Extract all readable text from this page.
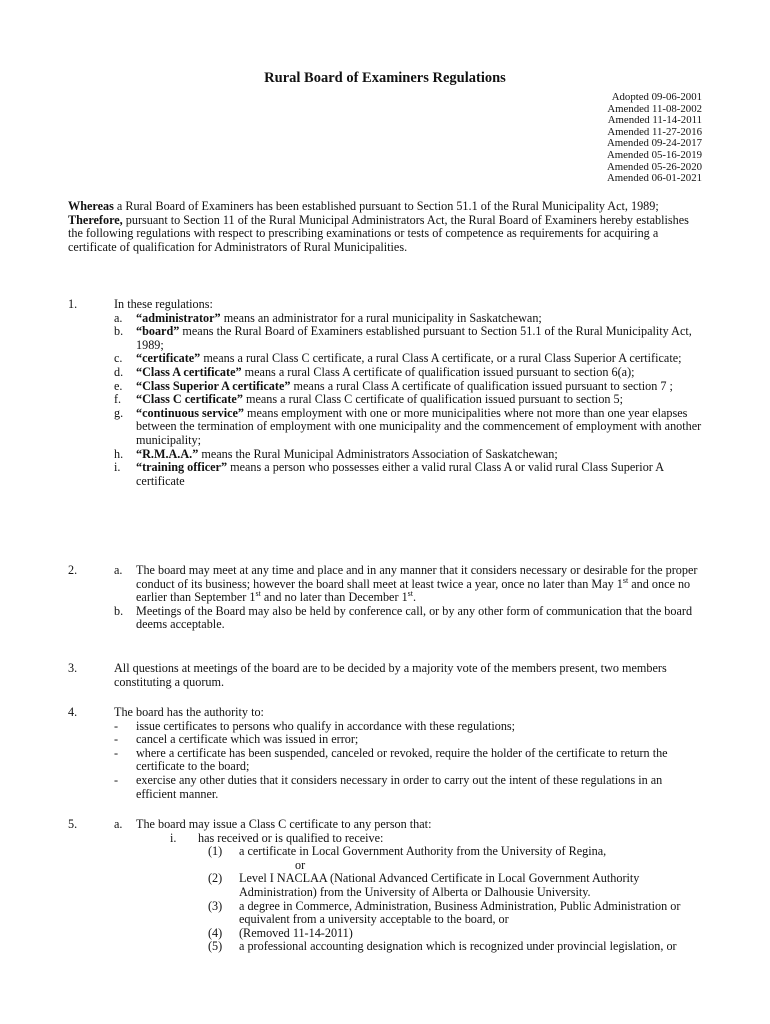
Rural Board of Examiners Regulations
Adopted 09-06-2001
Amended 11-08-2002
Amended 11-14-2011
Amended 11-27-2016
Amended 09-24-2017
Amended 05-16-2019
Amended 05-26-2020
Amended 06-01-2021

Whereas a Rural Board of Examiners has been established pursuant to Section 51.1 of the Rural Municipality Act, 1989;

Therefore, pursuant to Section 11 of the Rural Municipal Administrators Act, the Rural Board of Examiners hereby establishes the following regulations with respect to prescribing examinations or tests of competence as requirements for acquiring a certificate of qualification for Administrators of Rural Municipalities.

1.	In these regulations:

a. “administrator” means an administrator for a rural municipality in Saskatchewan;
b. “board” means the Rural Board of Examiners established pursuant to Section 51.1 of the Rural Municipality Act, 1989;
c. “certificate” means a rural Class C certificate, a rural Class A certificate, or a rural Class Superior A certificate;
d. “Class A certificate” means a rural Class A certificate of qualification issued pursuant to section 6(a);
e. “Class Superior A certificate” means a rural Class A certificate of qualification issued pursuant to section 7 ;
f. “Class C certificate” means a rural Class C certificate of qualification issued pursuant to section 5;
g. “continuous service” means employment with one or more municipalities where not more than one year elapses between the termination of employment with one municipality and the commencement of employment with another municipality;
h. “R.M.A.A.” means the Rural Municipal Administrators Association of Saskatchewan;
i. “training officer” means a person who possesses either a valid rural Class A or valid rural Class Superior A certificate
2.	a. The board may meet at any time and place and in any manner that it considers necessary or desirable for the proper conduct of its business; however the board shall meet at least twice a year, once no later than May 1st and once no earlier than September 1st and no later than December 1st.
b. Meetings of the Board may also be held by conference call, or by any other form of communication that the board deems acceptable.
3.	All questions at meetings of the board are to be decided by a majority vote of the members present, two members constituting a quorum.

4.	The board has the authority to:

- issue certificates to persons who qualify in accordance with these regulations;
- cancel a certificate which was issued in error;
- where a certificate has been suspended, canceled or revoked, require the holder of the certificate to return the certificate to the board;
- exercise any other duties that it considers necessary in order to carry out the intent of these regulations in an efficient manner.
5.	a. The board may issue a Class C certificate to any person that:
i. has received or is qualified to receive:
(1) a certificate in Local Government Authority from the University of Regina,
or
(2) Level I NACLAA (National Advanced Certificate in Local Government Authority Administration) from the University of Alberta or Dalhousie University.
(3) a degree in Commerce, Administration, Business Administration, Public Administration or equivalent from a university acceptable to the board, or
(4) (Removed 11-14-2011)
(5) a professional accounting designation which is recognized under provincial legislation, or
